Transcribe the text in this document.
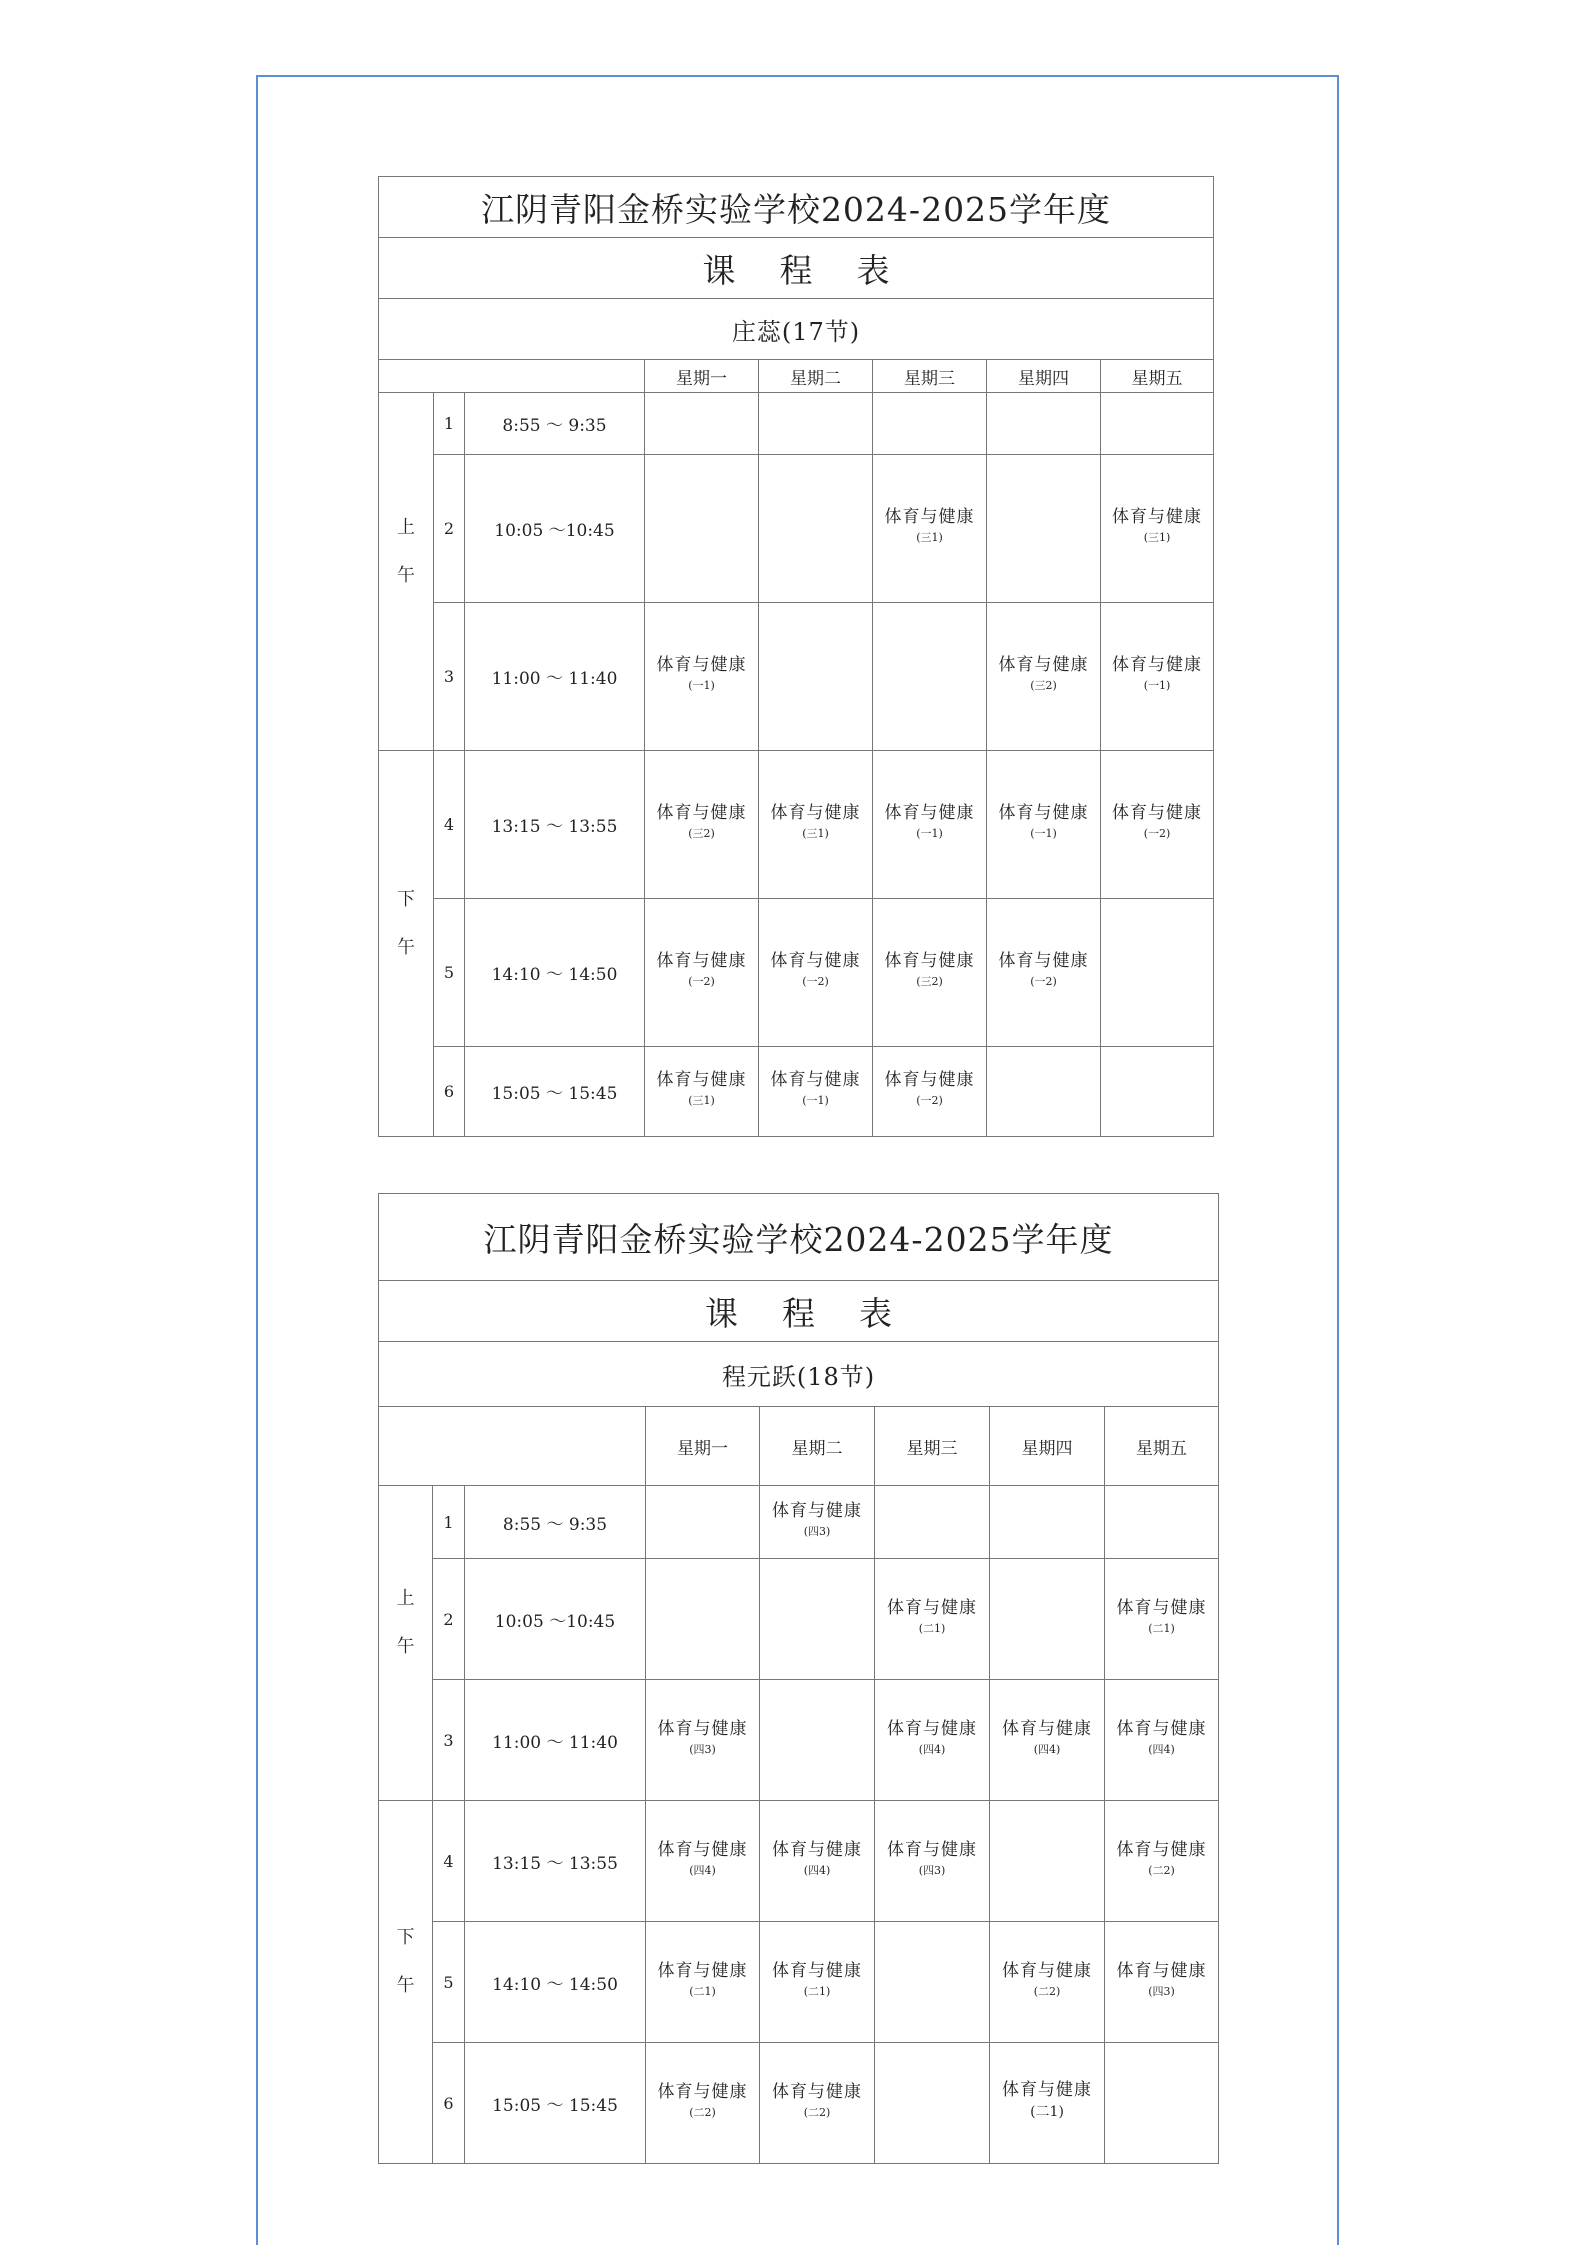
江阴青阳金桥实验学校2024-2025学年度							
课程表							
庄蕊(17节)							
			星期一	星期二	星期三	星期四	星期五
上
午	1	8:55 ～ 9:35					
	2	10:05 ～10:45			体育与健康
(三1)		体育与健康
(三1)

	3	11:00 ～ 11:40	体育与健康
(一1)			体育与健康
(三2)	体育与健康
(一1)

下
午	4	13:15 ～ 13:55	体育与健康
(三2)	体育与健康
(三1)	体育与健康
(一1)	体育与健康
(一1)	体育与健康
(一2)

	5	14:10 ～ 14:50	体育与健康
(一2)	体育与健康
(一2)	体育与健康
(三2)	体育与健康
(一2)	

	6	15:05 ～ 15:45	体育与健康
(三1)	体育与健康
(一1)	体育与健康
(一2)		

江阴青阳金桥实验学校2024-2025学年度							
课程表							
程元跃(18节)							
			星期一	星期二	星期三	星期四	星期五
上
午	1	8:55 ～ 9:35		体育与健康
(四3)			

	2	10:05 ～10:45			体育与健康
(二1)		体育与健康
(二1)

	3	11:00 ～ 11:40	体育与健康
(四3)		体育与健康
(四4)	体育与健康
(四4)	体育与健康
(四4)

下
午	4	13:15 ～ 13:55	体育与健康
(四4)	体育与健康
(四4)	体育与健康
(四3)		体育与健康
(二2)

	5	14:10 ～ 14:50	体育与健康
(二1)	体育与健康
(二1)		体育与健康
(二2)	体育与健康
(四3)

	6	15:05 ～ 15:45	体育与健康
(二2)	体育与健康
(二2)		体育与健康
(二1)	
